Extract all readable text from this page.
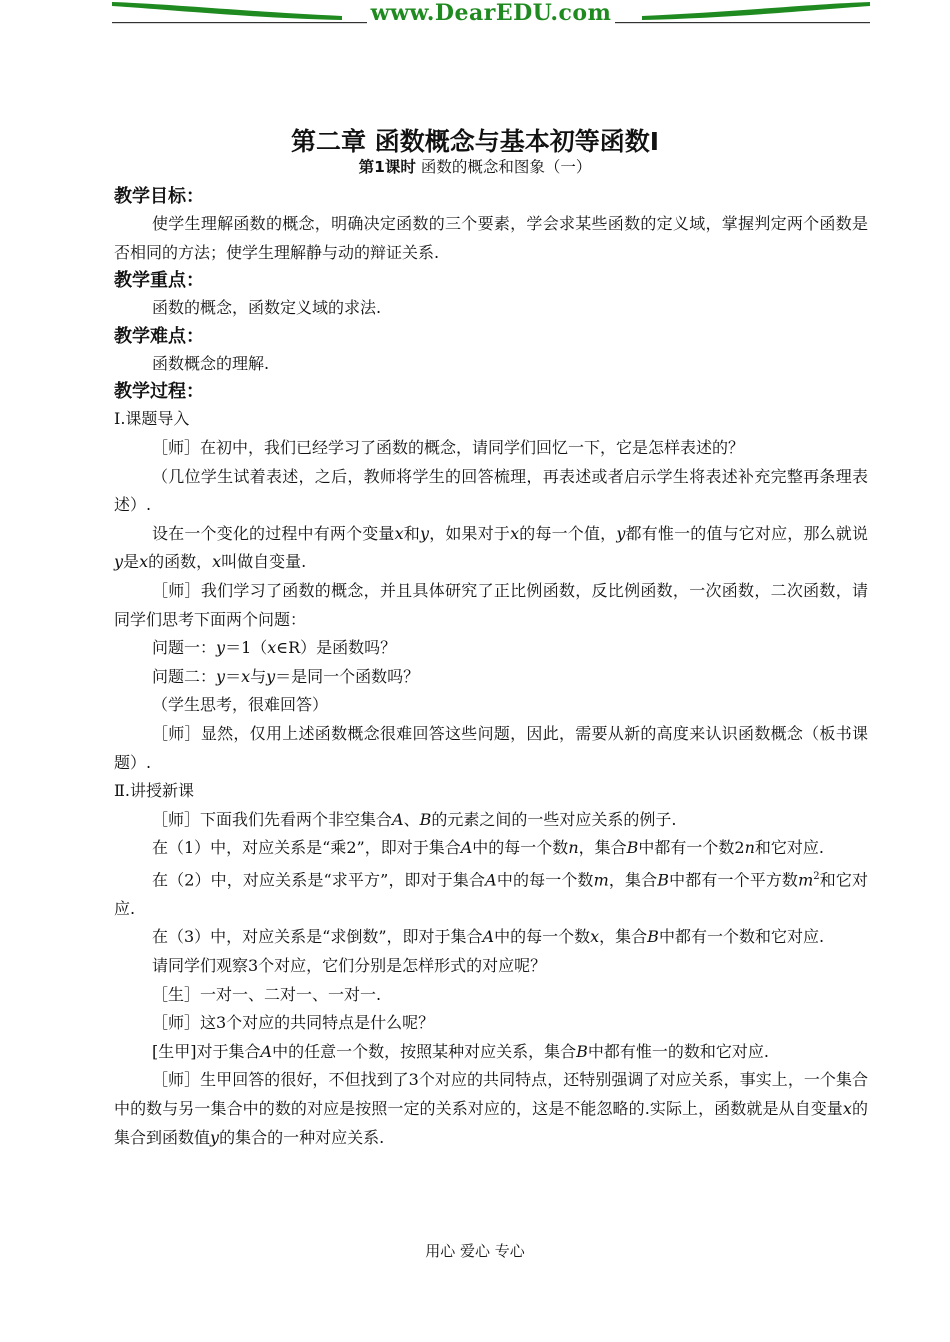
www.DearEDU.com
第二章 函数概念与基本初等函数Ⅰ
第1课时 函数的概念和图象（一）

教学目标：

使学生理解函数的概念，明确决定函数的三个要素，学会求某些函数的定义域，掌握判定两个函数是否相同的方法；使学生理解静与动的辩证关系.

教学重点：

函数的概念，函数定义域的求法.

教学难点：

函数概念的理解.

教学过程：

Ⅰ.课题导入

［师］在初中，我们已经学习了函数的概念，请同学们回忆一下，它是怎样表述的？

（几位学生试着表述，之后，教师将学生的回答梳理，再表述或者启示学生将表述补充完整再条理表述）.

设在一个变化的过程中有两个变量x和y，如果对于x的每一个值，y都有惟一的值与它对应，那么就说y是x的函数，x叫做自变量.

［师］我们学习了函数的概念，并且具体研究了正比例函数，反比例函数，一次函数，二次函数，请同学们思考下面两个问题：

问题一：y＝1（x∈R）是函数吗？

问题二：y＝x与y＝是同一个函数吗？

（学生思考，很难回答）

［师］显然，仅用上述函数概念很难回答这些问题，因此，需要从新的高度来认识函数概念（板书课题）.

Ⅱ.讲授新课

［师］下面我们先看两个非空集合A、B的元素之间的一些对应关系的例子.

在（1）中，对应关系是“乘2”，即对于集合A中的每一个数n，集合B中都有一个数2n和它对应.

在（2）中，对应关系是“求平方”，即对于集合A中的每一个数m，集合B中都有一个平方数$m^2$和它对应.

在（3）中，对应关系是“求倒数”，即对于集合A中的每一个数x，集合B中都有一个数和它对应.

请同学们观察3个对应，它们分别是怎样形式的对应呢？

［生］一对一、二对一、一对一.

［师］这3个对应的共同特点是什么呢？

[生甲]对于集合A中的任意一个数，按照某种对应关系，集合B中都有惟一的数和它对应.

［师］生甲回答的很好，不但找到了3个对应的共同特点，还特别强调了对应关系，事实上，一个集合中的数与另一集合中的数的对应是按照一定的关系对应的，这是不能忽略的.实际上，函数就是从自变量x的集合到函数值y的集合的一种对应关系.

用心 爱心 专心
